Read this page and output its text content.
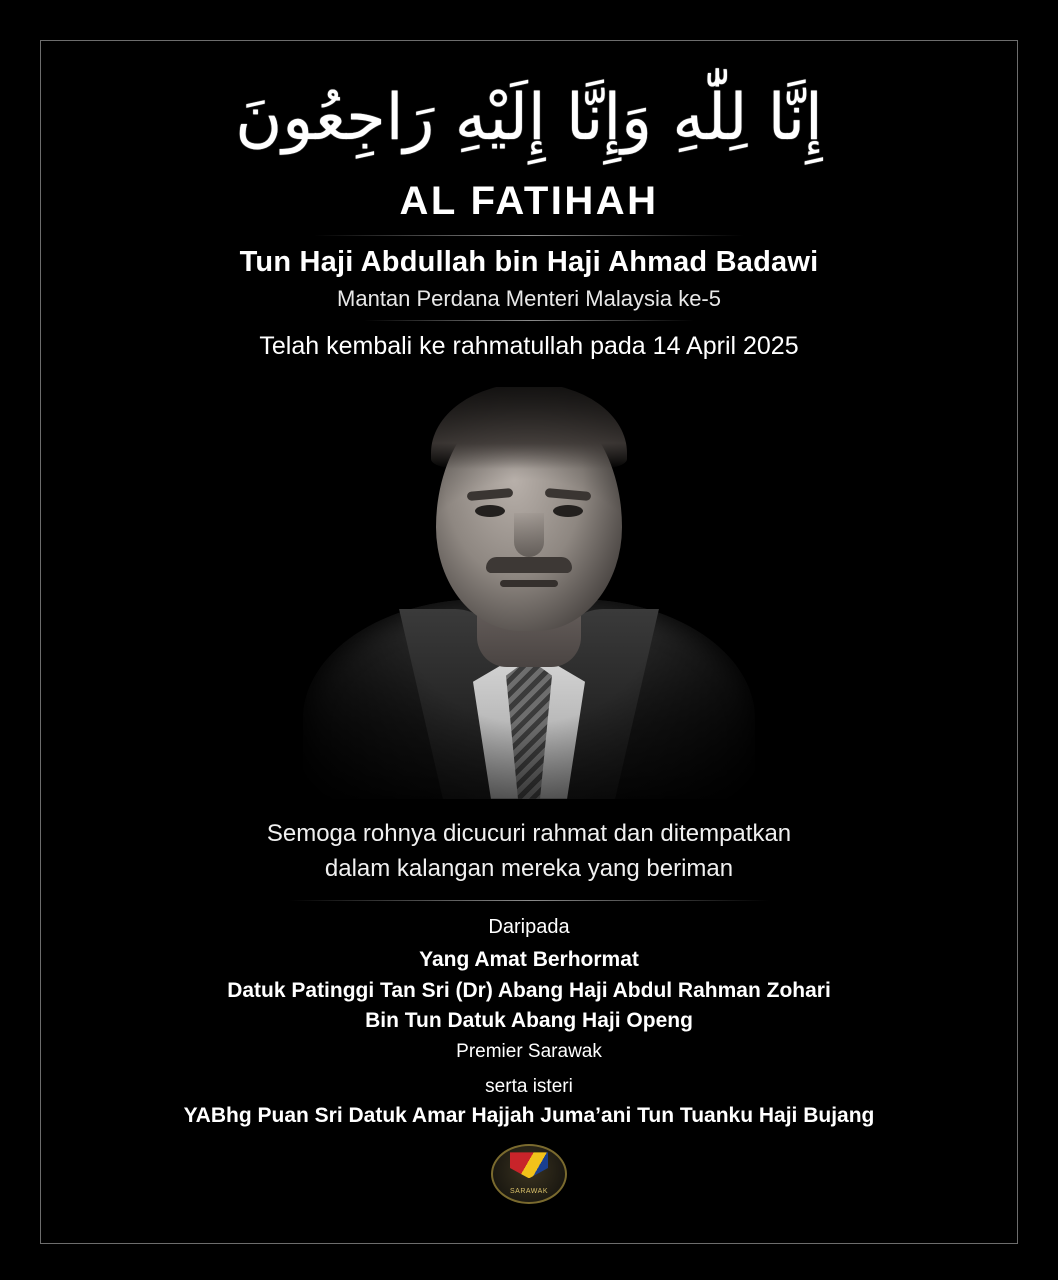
إِنَّا لِلّٰهِ وَإِنَّا إِلَيْهِ رَاجِعُونَ
AL FATIHAH
Tun Haji Abdullah bin Haji Ahmad Badawi
Mantan Perdana Menteri Malaysia ke-5
Telah kembali ke rahmatullah pada 14 April 2025
Semoga rohnya dicucuri rahmat dan ditempatkan
dalam kalangan mereka yang beriman
Daripada
Yang Amat Berhormat
Datuk Patinggi Tan Sri (Dr) Abang Haji Abdul Rahman Zohari
Bin Tun Datuk Abang Haji Openg
Premier Sarawak
serta isteri
YABhg Puan Sri Datuk Amar Hajjah Juma’ani Tun Tuanku Haji Bujang
SARAWAK
